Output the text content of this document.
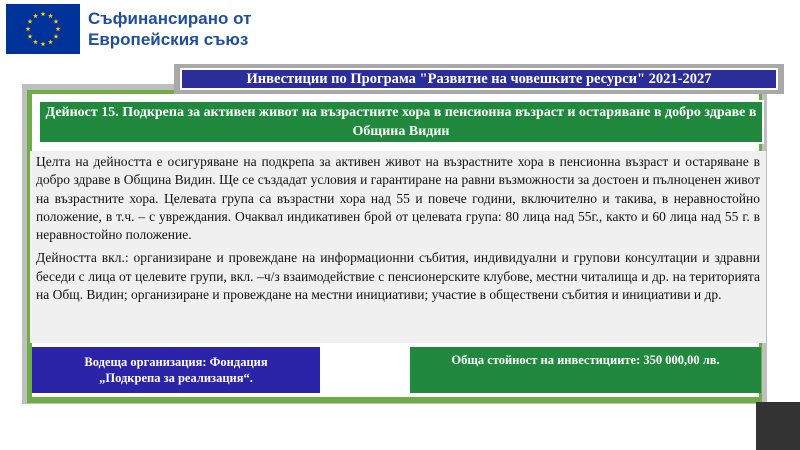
Съфинансирано от
Европейския съюз
Инвестиции по Програма "Развитие на човешките ресурси" 2021-2027
Дейност 15. Подкрепа за активен живот на възрастните хора в пенсионна възраст и остаряване в добро здраве в Община Видин

Целта на дейността е осигуряване на подкрепа за активен живот на възрастните хора в пенсионна възраст и остаряване в добро здраве в Община Видин. Ще се създадат условия и гарантиране на равни възможности за достоен и пълноценен живот на възрастните хора. Целевата група са възрастни хора над 55 и повече години, включително и такива, в неравностойно положение, в т.ч. – с увреждания. Очаквал индикативен брой от целевата група: 80 лица над 55г., както и 60 лица над 55 г. в неравностойно положение.

Дейността вкл.: организиране и провеждане на информационни събития, индивидуални и групови консултации и здравни беседи с лица от целевите групи, вкл. –ч/з взаимодействие с пенсионерските клубове, местни читалища и др. на територията на Общ. Видин; организиране и провеждане на местни инициативи; участие в обществени събития и инициативи и др.

Водеща организация: Фондация
„Подкрепа за реализация“.
Обща стойност на инвестициите: 350 000,00 лв.
